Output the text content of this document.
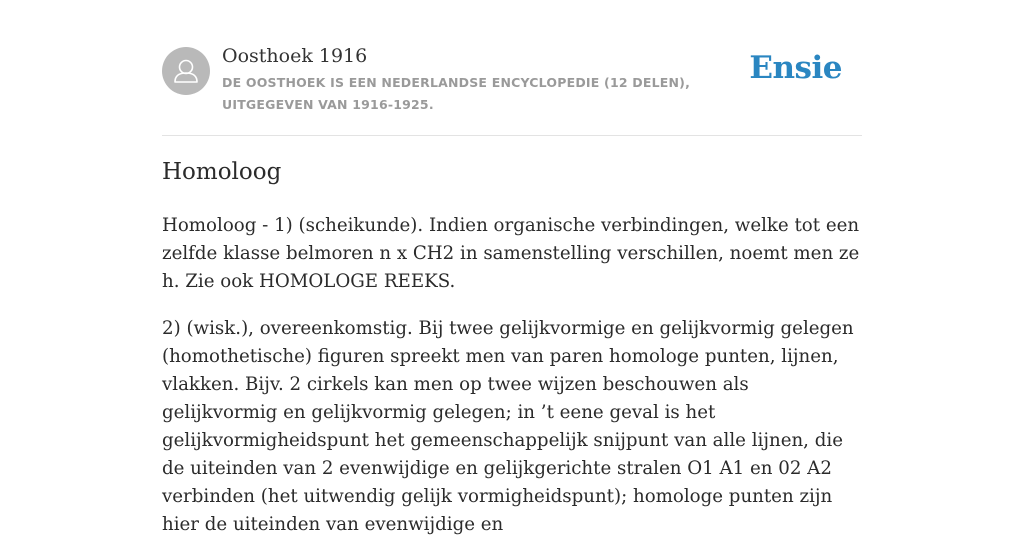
Oosthoek 1916
DE OOSTHOEK IS EEN NEDERLANDSE ENCYCLOPEDIE (12 DELEN), UITGEGEVEN VAN 1916-1925.
Ensie
Homoloog

Homoloog - 1) (scheikunde). Indien organische verbindingen, welke tot een zelfde klasse belmoren n x CH2 in samenstelling verschillen, noemt men ze h. Zie ook HOMOLOGE REEKS.

2) (wisk.), overeenkomstig. Bij twee gelijkvormige en gelijkvormig gelegen (homothetische) figuren spreekt men van paren homologe punten, lijnen, vlakken. Bijv. 2 cirkels kan men op twee wijzen beschouwen als gelijkvormig en gelijkvormig gelegen; in ’t eene geval is het gelijkvormigheidspunt het gemeenschappelijk snijpunt van alle lijnen, die de uiteinden van 2 evenwijdige en gelijkgerichte stralen O1 A1 en 02 A2 verbinden (het uitwendig gelijk vormigheidspunt); homologe punten zijn hier de uiteinden van evenwijdige en
